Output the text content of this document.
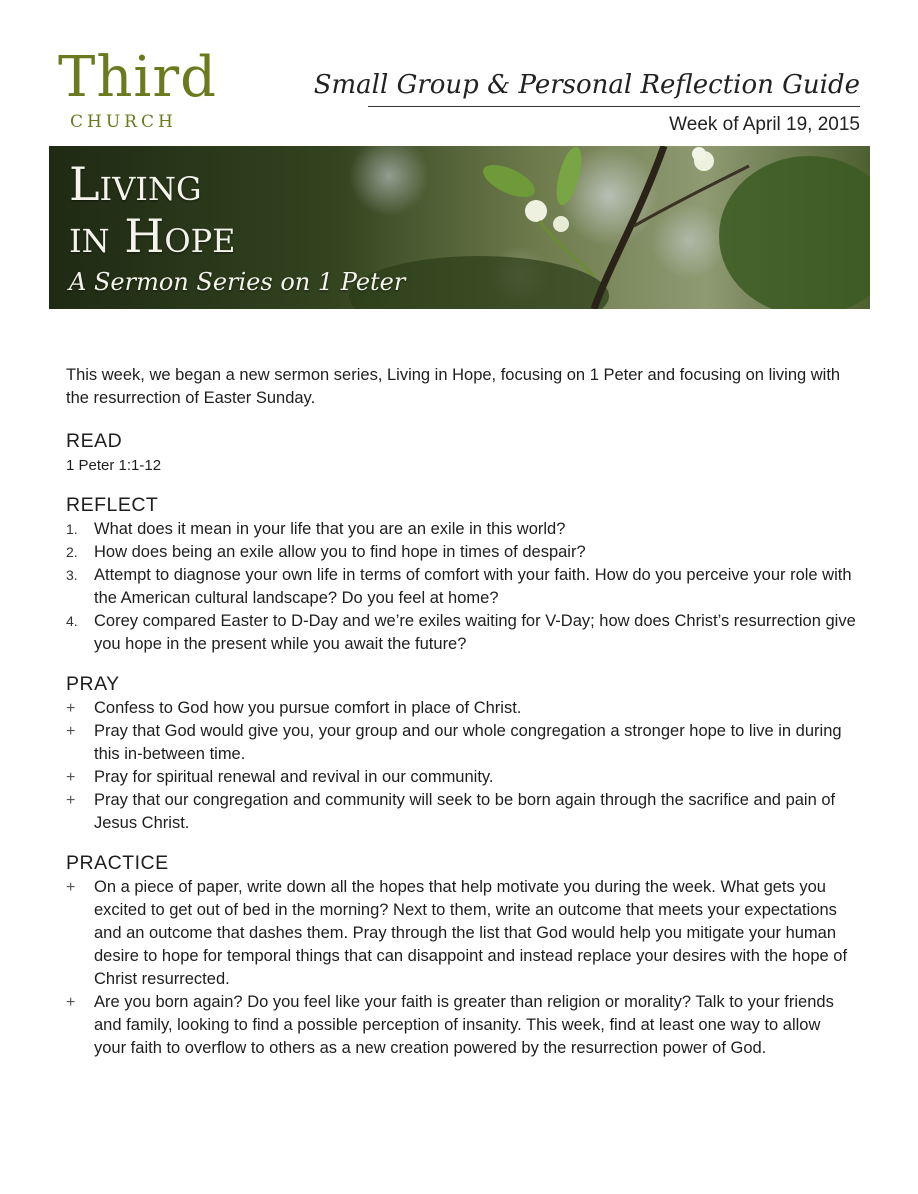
Third
CHURCH
Small Group & Personal Reflection Guide
Week of April 19, 2015
Living
in Hope
A Sermon Series on 1 Peter

This week, we began a new sermon series, Living in Hope, focusing on 1 Peter and focusing on living with the resurrection of Easter Sunday.

READ

1 Peter 1:1-12

REFLECT
1. What does it mean in your life that you are an exile in this world?
2. How does being an exile allow you to find hope in times of despair?
3. Attempt to diagnose your own life in terms of comfort with your faith. How do you perceive your role with the American cultural landscape? Do you feel at home?
4. Corey compared Easter to D-Day and we’re exiles waiting for V-Day; how does Christ’s resurrection give you hope in the present while you await the future?
PRAY
+	Confess to God how you pursue comfort in place of Christ.
+	Pray that God would give you, your group and our whole congregation a stronger hope to live in during this in-between time.
+	Pray for spiritual renewal and revival in our community.
+	Pray that our congregation and community will seek to be born again through the sacrifice and pain of Jesus Christ.
PRACTICE
+	On a piece of paper, write down all the hopes that help motivate you during the week. What gets you excited to get out of bed in the morning? Next to them, write an outcome that meets your expectations and an outcome that dashes them. Pray through the list that God would help you mitigate your human desire to hope for temporal things that can disappoint and instead replace your desires with the hope of Christ resurrected.
+	Are you born again? Do you feel like your faith is greater than religion or morality? Talk to your friends and family, looking to find a possible perception of insanity. This week, find at least one way to allow your faith to overflow to others as a new creation powered by the resurrection power of God.
